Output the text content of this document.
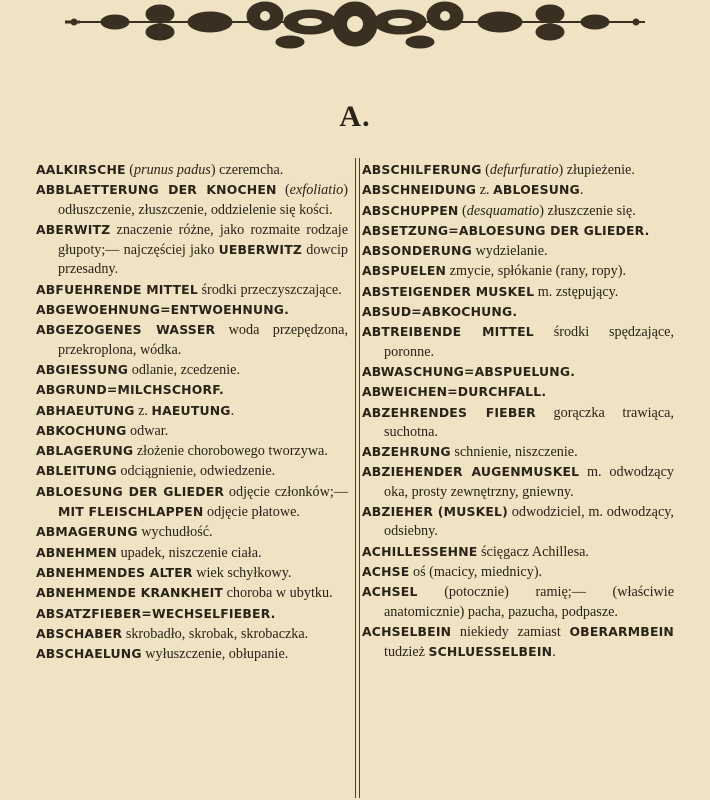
A.

AALKIRSCHE (prunus padus) czeremcha.

ABBLAETTERUNG DER KNOCHEN (exfoliatio) odłuszczenie, złuszczenie, oddzielenie się kości.

ABERWITZ znaczenie różne, jako rozmaite rodzaje głupoty;— najczęściej jako UEBERWITZ dowcip przesadny.

ABFUEHRENDE MITTEL środki przeczyszczające.

ABGEWOEHNUNG=ENTWOEHNUNG.

ABGEZOGENES WASSER woda przepędzona, przekroplona, wódka.

ABGIESSUNG odlanie, zcedzenie.

ABGRUND=MILCHSCHORF.

ABHAEUTUNG z. HAEUTUNG.

ABKOCHUNG odwar.

ABLAGERUNG złożenie chorobowego tworzywa.

ABLEITUNG odciągnienie, odwiedzenie.

ABLOESUNG DER GLIEDER odjęcie członków;—MIT FLEISCHLAPPEN odjęcie płatowe.

ABMAGERUNG wychudłość.

ABNEHMEN upadek, niszczenie ciała.

ABNEHMENDES ALTER wiek schyłkowy.

ABNEHMENDE KRANKHEIT choroba w ubytku.

ABSATZFIEBER=WECHSELFIEBER.

ABSCHABER skrobadło, skrobak, skrobaczka.

ABSCHAELUNG wyłuszczenie, obłupanie.

ABSCHILFERUNG (defurfuratio) złupieżenie.

ABSCHNEIDUNG z. ABLOESUNG.

ABSCHUPPEN (desquamatio) złuszczenie się.

ABSETZUNG=ABLOESUNG DER GLIEDER.

ABSONDERUNG wydzielanie.

ABSPUELEN zmycie, spłókanie (rany, ropy).

ABSTEIGENDER MUSKEL m. zstępujący.

ABSUD=ABKOCHUNG.

ABTREIBENDE MITTEL środki spędzające, poronne.

ABWASCHUNG=ABSPUELUNG.

ABWEICHEN=DURCHFALL.

ABZEHRENDES FIEBER gorączka trawiąca, suchotna.

ABZEHRUNG schnienie, niszczenie.

ABZIEHENDER AUGENMUSKEL m. odwodzący oka, prosty zewnętrzny, gniewny.

ABZIEHER (MUSKEL) odwodziciel, m. odwodzący, odsiebny.

ACHILLESSEHNE ścięgacz Achillesa.

ACHSE oś (macicy, miednicy).

ACHSEL (potocznie) ramię;— (właściwie anatomicznie) pacha, pazucha, podpasze.

ACHSELBEIN niekiedy zamiast OBERARMBEIN tudzież SCHLUESSELBEIN.
